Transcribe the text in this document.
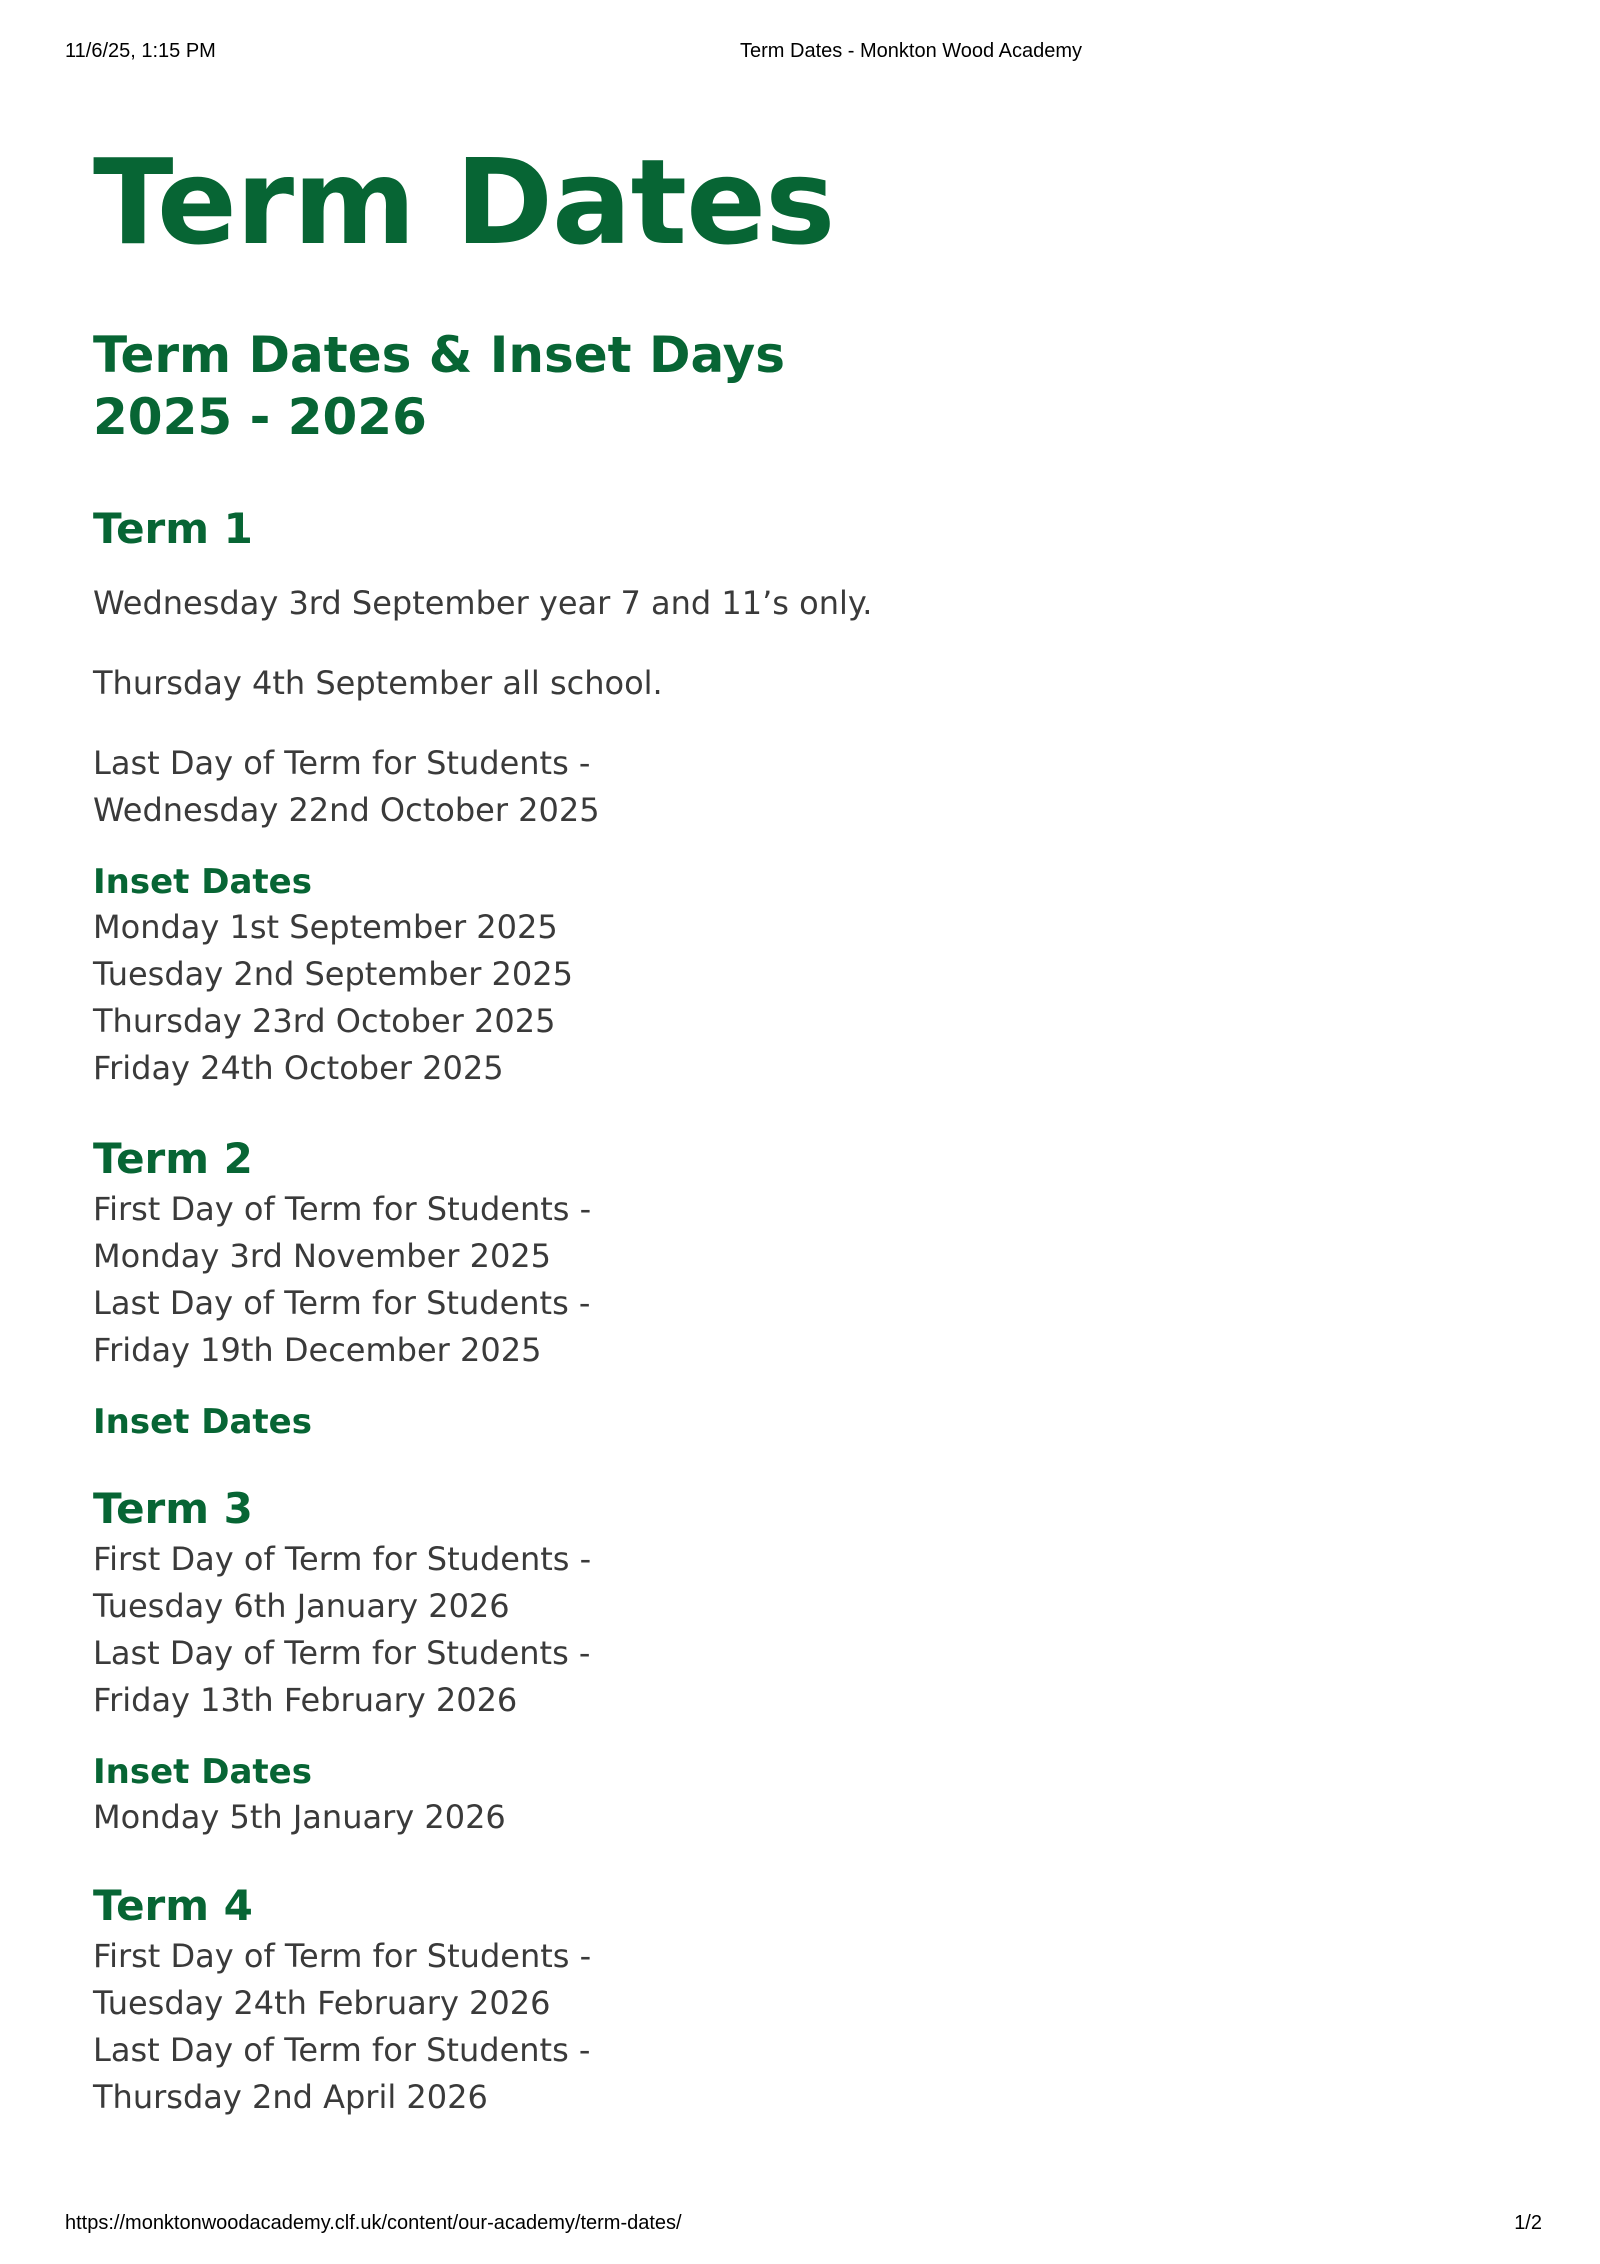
11/6/25, 1:15 PM	Term Dates - Monkton Wood Academy
Term Dates
Term Dates & Inset Days
2025 - 2026
Term 1

Wednesday 3rd September year 7 and 11’s only.

Thursday 4th September all school.

Last Day of Term for Students -
Wednesday 22nd October 2025

Inset Dates
Monday 1st September 2025
Tuesday 2nd September 2025
Thursday 23rd October 2025
Friday 24th October 2025
Term 2
First Day of Term for Students -
Monday 3rd November 2025
Last Day of Term for Students -
Friday 19th December 2025
Inset Dates
Term 3
First Day of Term for Students -
Tuesday 6th January 2026
Last Day of Term for Students -
Friday 13th February 2026
Inset Dates
Monday 5th January 2026
Term 4
First Day of Term for Students -
Tuesday 24th February 2026
Last Day of Term for Students -
Thursday 2nd April 2026
https://monktonwoodacademy.clf.uk/content/our-academy/term-dates/	1/2
